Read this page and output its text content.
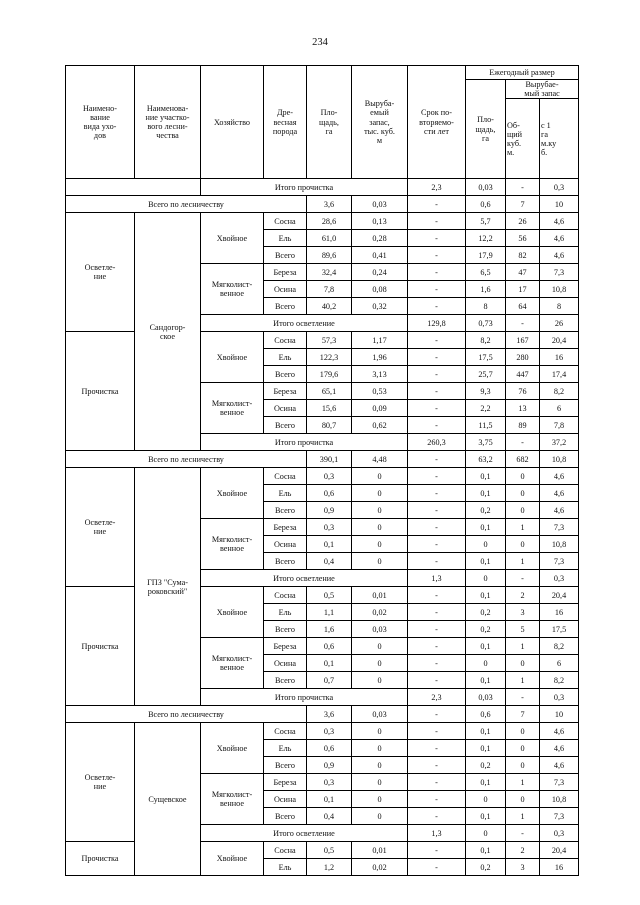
234
Наимено-
вание
вида ухо-
дов	Наименова-
ние участко-
вого лесни-
чества	Хозяйство	Дре-
весная
порода	Пло-
щадь,
га	Выруба-
емый
запас,
тыс. куб.
м	Срок по-
вторяемо-
сти лет	Ежегодный размер			
							Пло-
щадь,
га	Вырубае-
мый запас		
								Об-
щий
куб.
м.	с 1
га
м.ку
б.	
		Итого прочистка				2,3	0,03	-	0,3		
Всего по лесничеству				3,6	0,03	-	0,6	7	10	
Осветле-
ние	Сандогор-
ское	Хвойное	Сосна	28,6	0,13	-	5,7	26	4,6	
			Ель	61,0	0,28	-	12,2	56	4,6	
			Всего	89,6	0,41	-	17,9	82	4,6	
		Мягколист-
венное	Береза	32,4	0,24	-	6,5	47	7,3	
			Осина	7,8	0,08	-	1,6	17	10,8	
			Всего	40,2	0,32	-	8	64	8	
		Итого осветление				129,8	0,73	-	26		
Прочистка		Хвойное	Сосна	57,3	1,17	-	8,2	167	20,4	
			Ель	122,3	1,96	-	17,5	280	16	
			Всего	179,6	3,13	-	25,7	447	17,4	
		Мягколист-
венное	Береза	65,1	0,53	-	9,3	76	8,2	
			Осина	15,6	0,09	-	2,2	13	6	
			Всего	80,7	0,62	-	11,5	89	7,8	
		Итого прочистка				260,3	3,75	-	37,2		
Всего по лесничеству				390,1	4,48	-	63,2	682	10,8	
Осветле-
ние	ГПЗ "Сума-
роковский"	Хвойное	Сосна	0,3	0	-	0,1	0	4,6	
			Ель	0,6	0	-	0,1	0	4,6	
			Всего	0,9	0	-	0,2	0	4,6	
		Мягколист-
венное	Береза	0,3	0	-	0,1	1	7,3	
			Осина	0,1	0	-	0	0	10,8	
			Всего	0,4	0	-	0,1	1	7,3	
		Итого осветление				1,3	0	-	0,3		
Прочистка		Хвойное	Сосна	0,5	0,01	-	0,1	2	20,4	
			Ель	1,1	0,02	-	0,2	3	16	
			Всего	1,6	0,03	-	0,2	5	17,5	
		Мягколист-
венное	Береза	0,6	0	-	0,1	1	8,2	
			Осина	0,1	0	-	0	0	6	
			Всего	0,7	0	-	0,1	1	8,2	
		Итого прочистка				2,3	0,03	-	0,3		
Всего по лесничеству				3,6	0,03	-	0,6	7	10	
Осветле-
ние	Сущевское	Хвойное	Сосна	0,3	0	-	0,1	0	4,6	
			Ель	0,6	0	-	0,1	0	4,6	
			Всего	0,9	0	-	0,2	0	4,6	
		Мягколист-
венное	Береза	0,3	0	-	0,1	1	7,3	
			Осина	0,1	0	-	0	0	10,8	
			Всего	0,4	0	-	0,1	1	7,3	
		Итого осветление				1,3	0	-	0,3		
Прочистка		Хвойное	Сосна	0,5	0,01	-	0,1	2	20,4	
			Ель	1,2	0,02	-	0,2	3	16	
